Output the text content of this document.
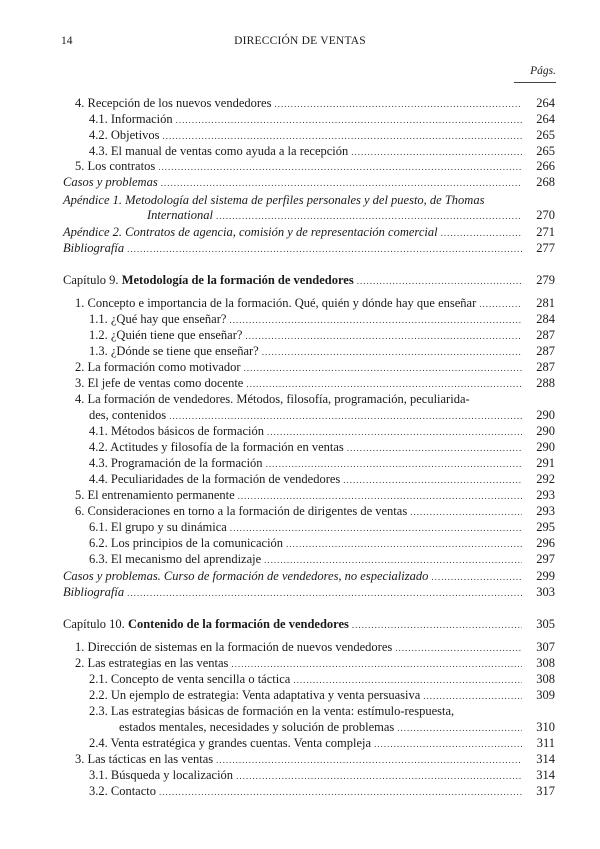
14	DIRECCIÓN DE VENTAS
Págs.
4. Recepción de los nuevos vendedores .....	264
4.1. Información .....	264
4.2. Objetivos .....	265
4.3. El manual de ventas como ayuda a la recepción .....	265
5. Los contratos .....	266
Casos y problemas .....	268
Apéndice 1. Metodología del sistema de perfiles personales y del puesto, de Thomas
International .....	270
Apéndice 2. Contratos de agencia, comisión y de representación comercial .....	271
Bibliografía .....	277
Capítulo 9. Metodología de la formación de vendedores .....	279
1. Concepto e importancia de la formación. Qué, quién y dónde hay que enseñar .....	281
1.1. ¿Qué hay que enseñar? .....	284
1.2. ¿Quién tiene que enseñar? .....	287
1.3. ¿Dónde se tiene que enseñar? .....	287
2. La formación como motivador .....	287
3. El jefe de ventas como docente .....	288
4. La formación de vendedores. Métodos, filosofía, programación, peculiarida-
des, contenidos .....	290
4.1. Métodos básicos de formación .....	290
4.2. Actitudes y filosofía de la formación en ventas .....	290
4.3. Programación de la formación .....	291
4.4. Peculiaridades de la formación de vendedores .....	292
5. El entrenamiento permanente .....	293
6. Consideraciones en torno a la formación de dirigentes de ventas .....	293
6.1. El grupo y su dinámica .....	295
6.2. Los principios de la comunicación .....	296
6.3. El mecanismo del aprendizaje .....	297
Casos y problemas. Curso de formación de vendedores, no especializado .....	299
Bibliografía .....	303
Capítulo 10. Contenido de la formación de vendedores .....	305
1. Dirección de sistemas en la formación de nuevos vendedores .....	307
2. Las estrategias en las ventas .....	308
2.1. Concepto de venta sencilla o táctica .....	308
2.2. Un ejemplo de estrategia: Venta adaptativa y venta persuasiva .....	309
2.3. Las estrategias básicas de formación en la venta: estímulo-respuesta,
estados mentales, necesidades y solución de problemas .....	310
2.4. Venta estratégica y grandes cuentas. Venta compleja .....	311
3. Las tácticas en las ventas .....	314
3.1. Búsqueda y localización .....	314
3.2. Contacto .....	317
